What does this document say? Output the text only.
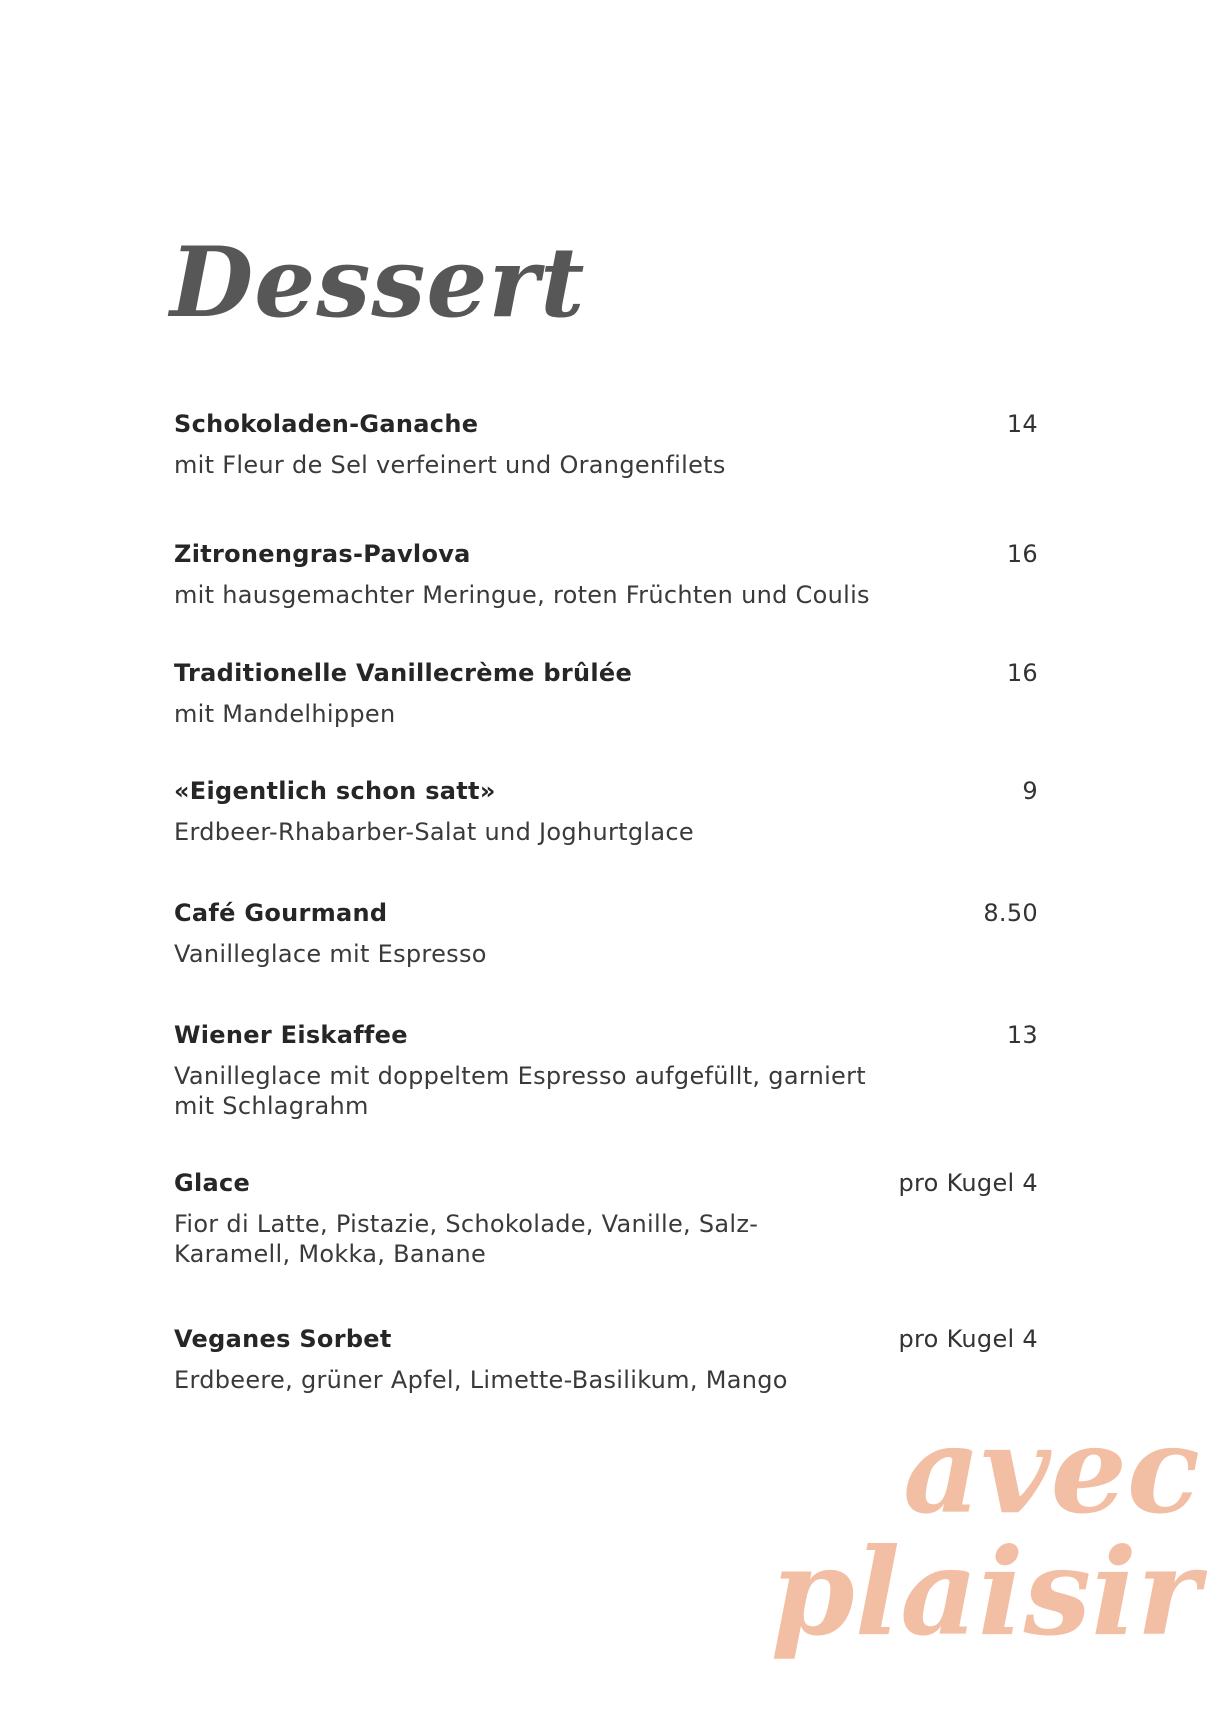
Dessert
Schokoladen-Ganache	14
mit Fleur de Sel verfeinert und Orangenfilets
Zitronengras-Pavlova	16
mit hausgemachter Meringue, roten Früchten und Coulis
Traditionelle Vanillecrème brûlée	16
mit Mandelhippen
«Eigentlich schon satt»	9
Erdbeer-Rhabarber-Salat und Joghurtglace
Café Gourmand	8.50
Vanilleglace mit Espresso
Wiener Eiskaffee	13
Vanilleglace mit doppeltem Espresso aufgefüllt, garniert mit Schlagrahm
Glace	pro Kugel 4
Fior di Latte, Pistazie, Schokolade, Vanille, Salz-Karamell, Mokka, Banane
Veganes Sorbet	pro Kugel 4
Erdbeere, grüner Apfel, Limette-Basilikum, Mango
avec
plaisir
